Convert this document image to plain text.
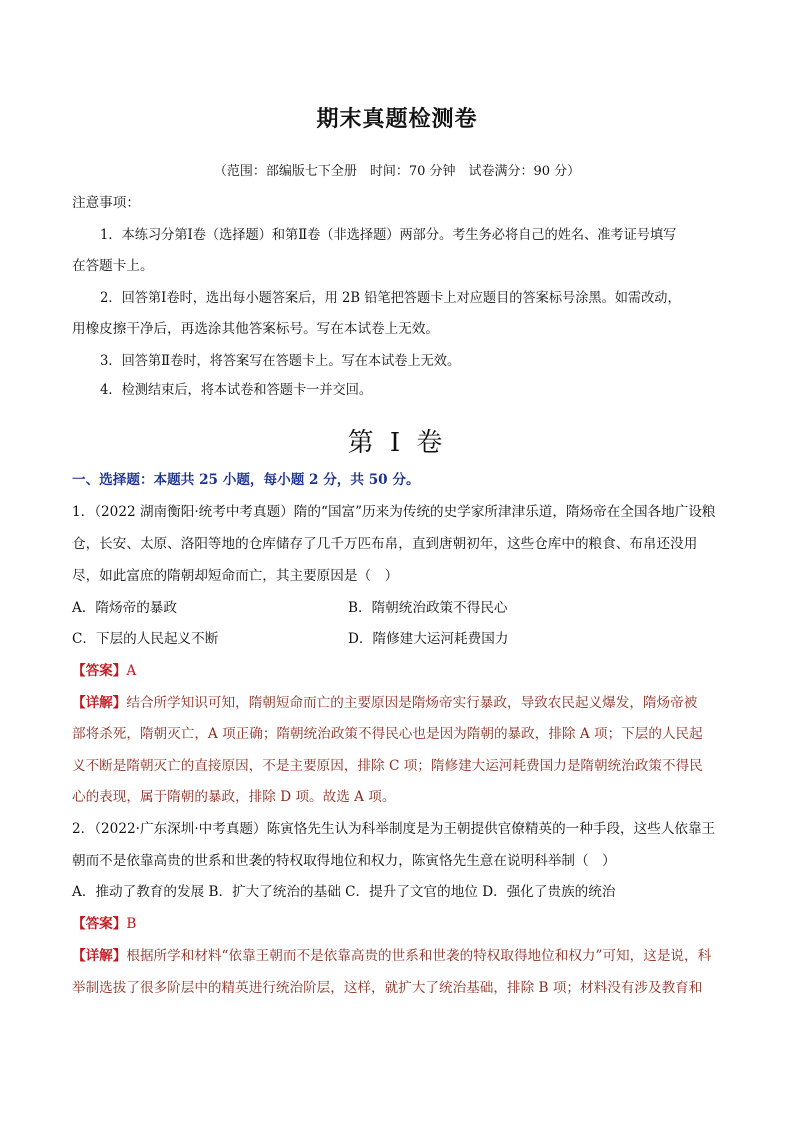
期末真题检测卷
（范围：部编版七下全册　时间：70 分钟　试卷满分：90 分）
注意事项：
1．本练习分第Ⅰ卷（选择题）和第Ⅱ卷（非选择题）两部分。考生务必将自己的姓名、准考证号填写
在答题卡上。
2．回答第Ⅰ卷时，选出每小题答案后，用 2B 铅笔把答题卡上对应题目的答案标号涂黑。如需改动，
用橡皮擦干净后，再选涂其他答案标号。写在本试卷上无效。
3．回答第Ⅱ卷时，将答案写在答题卡上。写在本试卷上无效。
4．检测结束后，将本试卷和答题卡一并交回。
第 I 卷
一、选择题：本题共 25 小题，每小题 2 分，共 50 分。
1．（2022 湖南衡阳·统考中考真题）隋的“国富”历来为传统的史学家所津津乐道，隋炀帝在全国各地广设粮
仓，长安、太原、洛阳等地的仓库储存了几千万匹布帛，直到唐朝初年，这些仓库中的粮食、布帛还没用
尽，如此富庶的隋朝却短命而亡，其主要原因是（　）
A．隋炀帝的暴政	B．隋朝统治政策不得民心
C．下层的人民起义不断	D．隋修建大运河耗费国力
【答案】A
【详解】结合所学知识可知，隋朝短命而亡的主要原因是隋炀帝实行暴政，导致农民起义爆发，隋炀帝被
部将杀死，隋朝灭亡，A 项正确；隋朝统治政策不得民心也是因为隋朝的暴政，排除 A 项；下层的人民起
义不断是隋朝灭亡的直接原因，不是主要原因，排除 C 项；隋修建大运河耗费国力是隋朝统治政策不得民
心的表现，属于隋朝的暴政，排除 D 项。故选 A 项。
2．（2022·广东深圳·中考真题）陈寅恪先生认为科举制度是为王朝提供官僚精英的一种手段，这些人依靠王
朝而不是依靠高贵的世系和世袭的特权取得地位和权力，陈寅恪先生意在说明科举制（　）
A．推动了教育的发展 B．扩大了统治的基础 C．提升了文官的地位 D．强化了贵族的统治
【答案】B
【详解】根据所学和材料“依靠王朝而不是依靠高贵的世系和世袭的特权取得地位和权力”可知，这是说，科
举制选拔了很多阶层中的精英进行统治阶层，这样，就扩大了统治基础，排除 B 项；材料没有涉及教育和
